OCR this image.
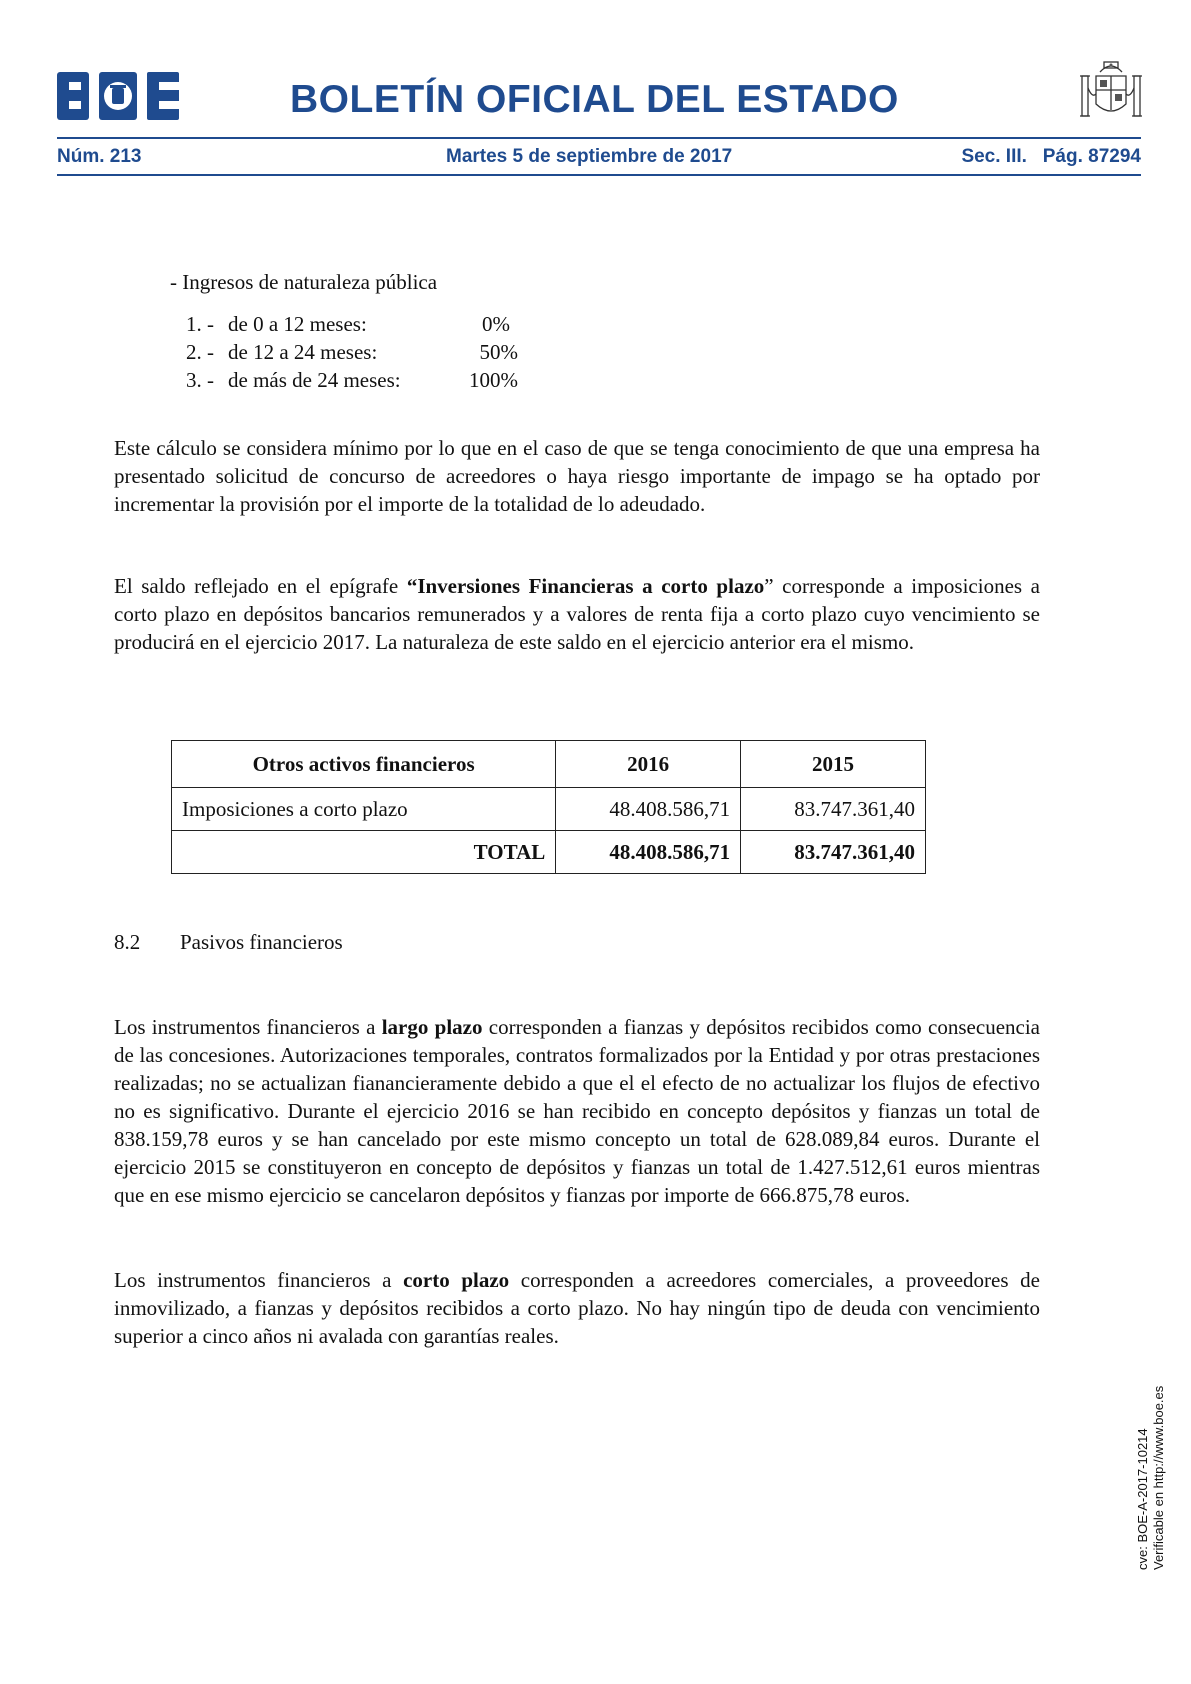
BOLETÍN OFICIAL DEL ESTADO
Núm. 213	Martes 5 de septiembre de 2017	Sec. III.   Pág. 87294
- Ingresos de naturaleza pública
1. - de 0 a 12 meses:	0%
2. - de 12 a 24 meses:	50%
3. - de más de 24 meses:	100%
Este cálculo se considera mínimo por lo que en el caso de que se tenga conocimiento de que una empresa ha presentado solicitud de concurso de acreedores o haya riesgo importante de impago se ha optado por incrementar la provisión por el importe de la totalidad de lo adeudado.
El saldo reflejado en el epígrafe “Inversiones Financieras a corto plazo” corresponde a imposiciones a corto plazo en depósitos bancarios remunerados y a valores de renta fija a corto plazo cuyo vencimiento se producirá en el ejercicio 2017. La naturaleza de este saldo en el ejercicio anterior era el mismo.
Otros activos financieros	2016	2015
Imposiciones a corto plazo	48.408.586,71	83.747.361,40
TOTAL	48.408.586,71	83.747.361,40
8.2 Pasivos financieros
Los instrumentos financieros a largo plazo corresponden a fianzas y depósitos recibidos como consecuencia de las concesiones. Autorizaciones temporales, contratos formalizados por la Entidad y por otras prestaciones realizadas; no se actualizan fianancieramente debido a que el el efecto de no actualizar los flujos de efectivo no es significativo. Durante el ejercicio 2016 se han recibido en concepto depósitos y fianzas un total de 838.159,78 euros y se han cancelado por este mismo concepto un total de 628.089,84 euros. Durante el ejercicio 2015 se constituyeron en concepto de depósitos y fianzas un total de 1.427.512,61 euros mientras que en ese mismo ejercicio se cancelaron depósitos y fianzas por importe de 666.875,78 euros.
Los instrumentos financieros a corto plazo corresponden a acreedores comerciales, a proveedores de inmovilizado, a fianzas y depósitos recibidos a corto plazo. No hay ningún tipo de deuda con vencimiento superior a cinco años ni avalada con garantías reales.
cve: BOE-A-2017-10214 Verificable en http://www.boe.es
